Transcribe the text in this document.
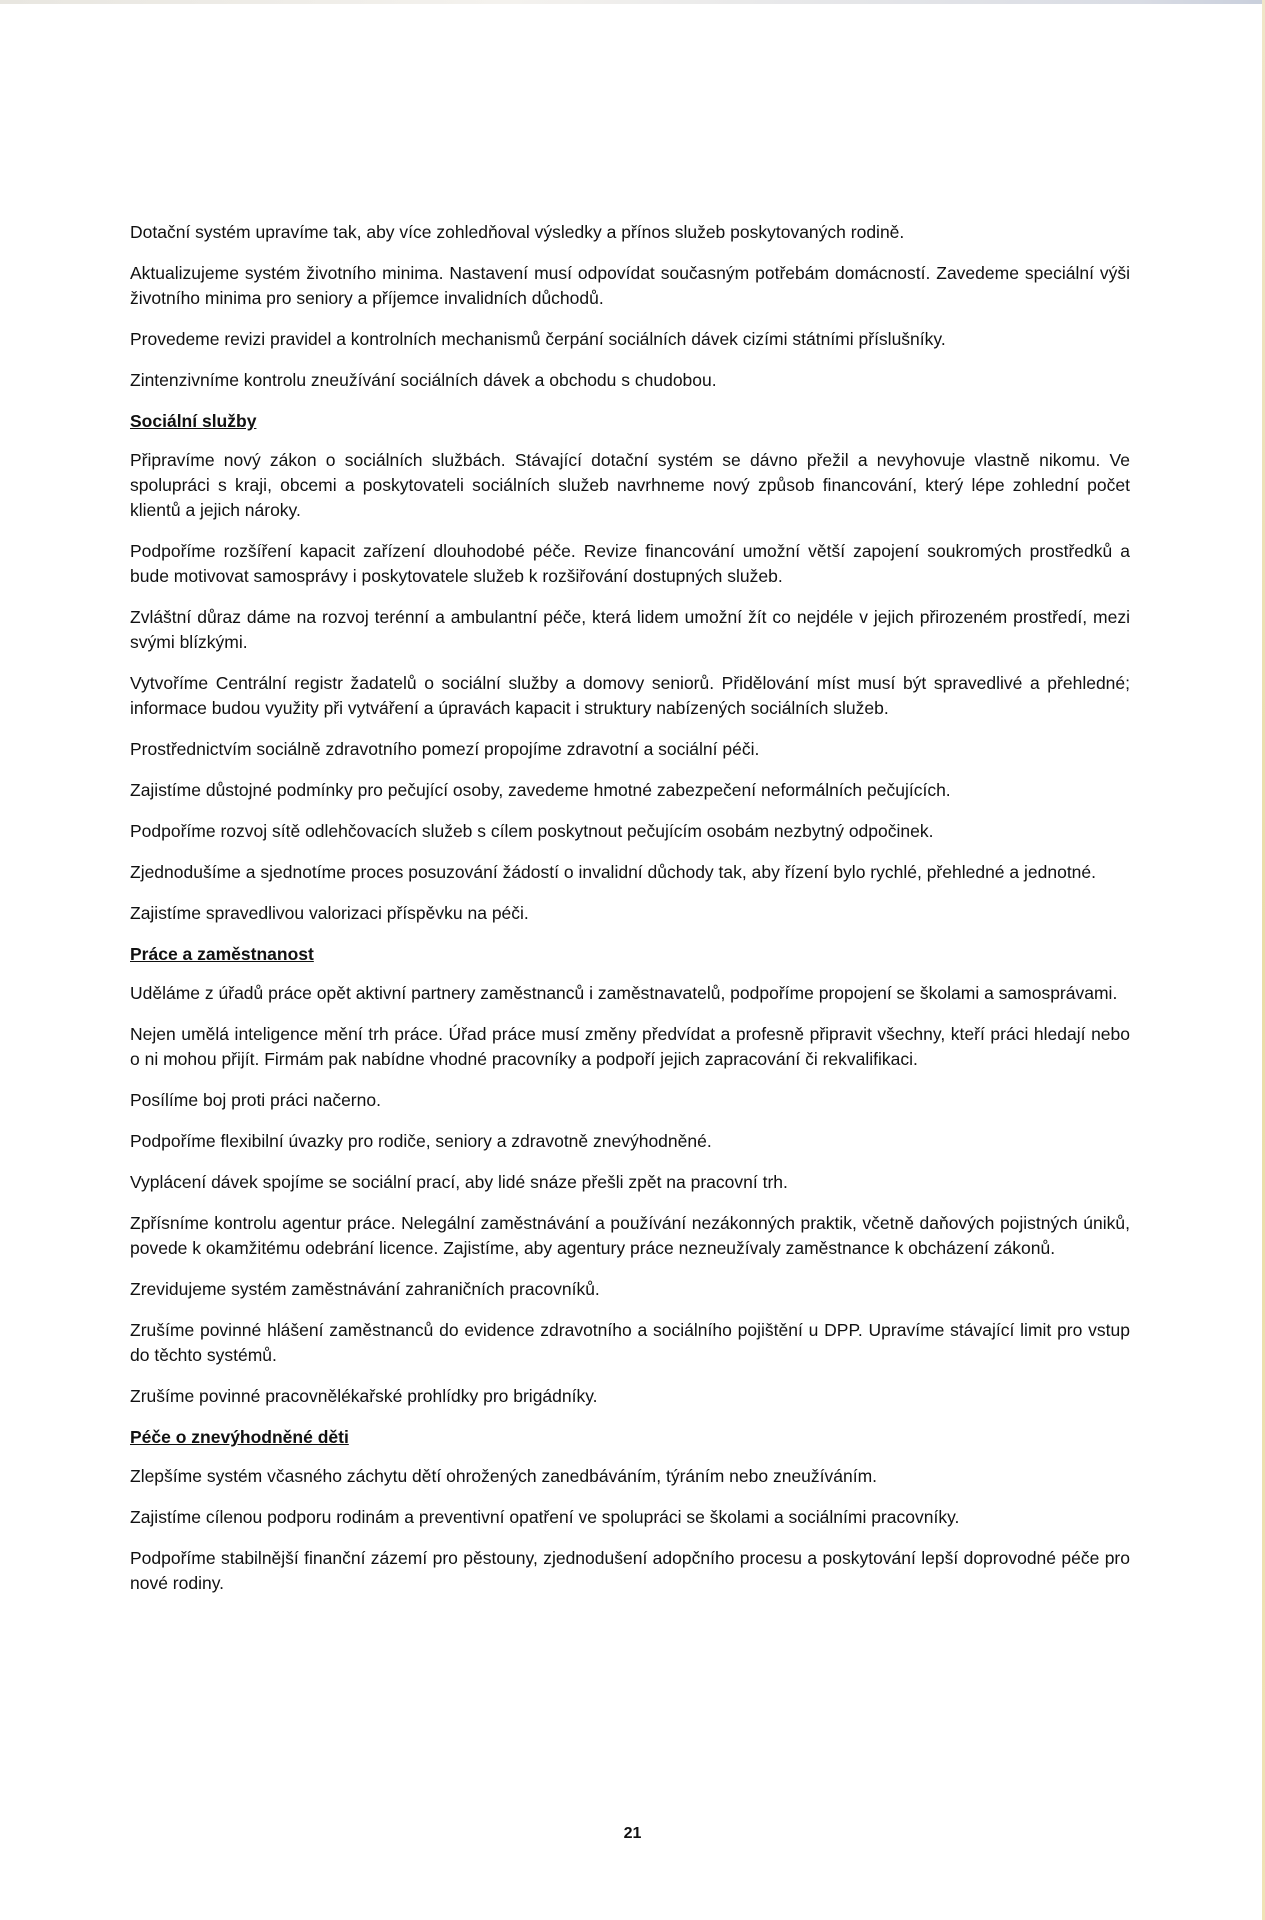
Dotační systém upravíme tak, aby více zohledňoval výsledky a přínos služeb poskytovaných rodině.

Aktualizujeme systém životního minima. Nastavení musí odpovídat současným potřebám domácností. Zavedeme speciální výši životního minima pro seniory a příjemce invalidních důchodů.

Provedeme revizi pravidel a kontrolních mechanismů čerpání sociálních dávek cizími státními příslušníky.

Zintenzivníme kontrolu zneužívání sociálních dávek a obchodu s chudobou.

Sociální služby

Připravíme nový zákon o sociálních službách. Stávající dotační systém se dávno přežil a nevyhovuje vlastně nikomu. Ve spolupráci s kraji, obcemi a poskytovateli sociálních služeb navrhneme nový způsob financování, který lépe zohlední počet klientů a jejich nároky.

Podpoříme rozšíření kapacit zařízení dlouhodobé péče. Revize financování umožní větší zapojení soukromých prostředků a bude motivovat samosprávy i poskytovatele služeb k rozšiřování dostupných služeb.

Zvláštní důraz dáme na rozvoj terénní a ambulantní péče, která lidem umožní žít co nejdéle v jejich přirozeném prostředí, mezi svými blízkými.

Vytvoříme Centrální registr žadatelů o sociální služby a domovy seniorů. Přidělování míst musí být spravedlivé a přehledné; informace budou využity při vytváření a úpravách kapacit i struktury nabízených sociálních služeb.

Prostřednictvím sociálně zdravotního pomezí propojíme zdravotní a sociální péči.

Zajistíme důstojné podmínky pro pečující osoby, zavedeme hmotné zabezpečení neformálních pečujících.

Podpoříme rozvoj sítě odlehčovacích služeb s cílem poskytnout pečujícím osobám nezbytný odpočinek.

Zjednodušíme a sjednotíme proces posuzování žádostí o invalidní důchody tak, aby řízení bylo rychlé, přehledné a jednotné.

Zajistíme spravedlivou valorizaci příspěvku na péči.

Práce a zaměstnanost

Uděláme z úřadů práce opět aktivní partnery zaměstnanců i zaměstnavatelů, podpoříme propojení se školami a samosprávami.

Nejen umělá inteligence mění trh práce. Úřad práce musí změny předvídat a profesně připravit všechny, kteří práci hledají nebo o ni mohou přijít. Firmám pak nabídne vhodné pracovníky a podpoří jejich zapracování či rekvalifikaci.

Posílíme boj proti práci načerno.

Podpoříme flexibilní úvazky pro rodiče, seniory a zdravotně znevýhodněné.

Vyplácení dávek spojíme se sociální prací, aby lidé snáze přešli zpět na pracovní trh.

Zpřísníme kontrolu agentur práce. Nelegální zaměstnávání a používání nezákonných praktik, včetně daňových pojistných úniků, povede k okamžitému odebrání licence. Zajistíme, aby agentury práce nezneužívaly zaměstnance k obcházení zákonů.

Zrevidujeme systém zaměstnávání zahraničních pracovníků.

Zrušíme povinné hlášení zaměstnanců do evidence zdravotního a sociálního pojištění u DPP. Upravíme stávající limit pro vstup do těchto systémů.

Zrušíme povinné pracovnělékařské prohlídky pro brigádníky.

Péče o znevýhodněné děti

Zlepšíme systém včasného záchytu dětí ohrožených zanedbáváním, týráním nebo zneužíváním.

Zajistíme cílenou podporu rodinám a preventivní opatření ve spolupráci se školami a sociálními pracovníky.

Podpoříme stabilnější finanční zázemí pro pěstouny, zjednodušení adopčního procesu a poskytování lepší doprovodné péče pro nové rodiny.

21
